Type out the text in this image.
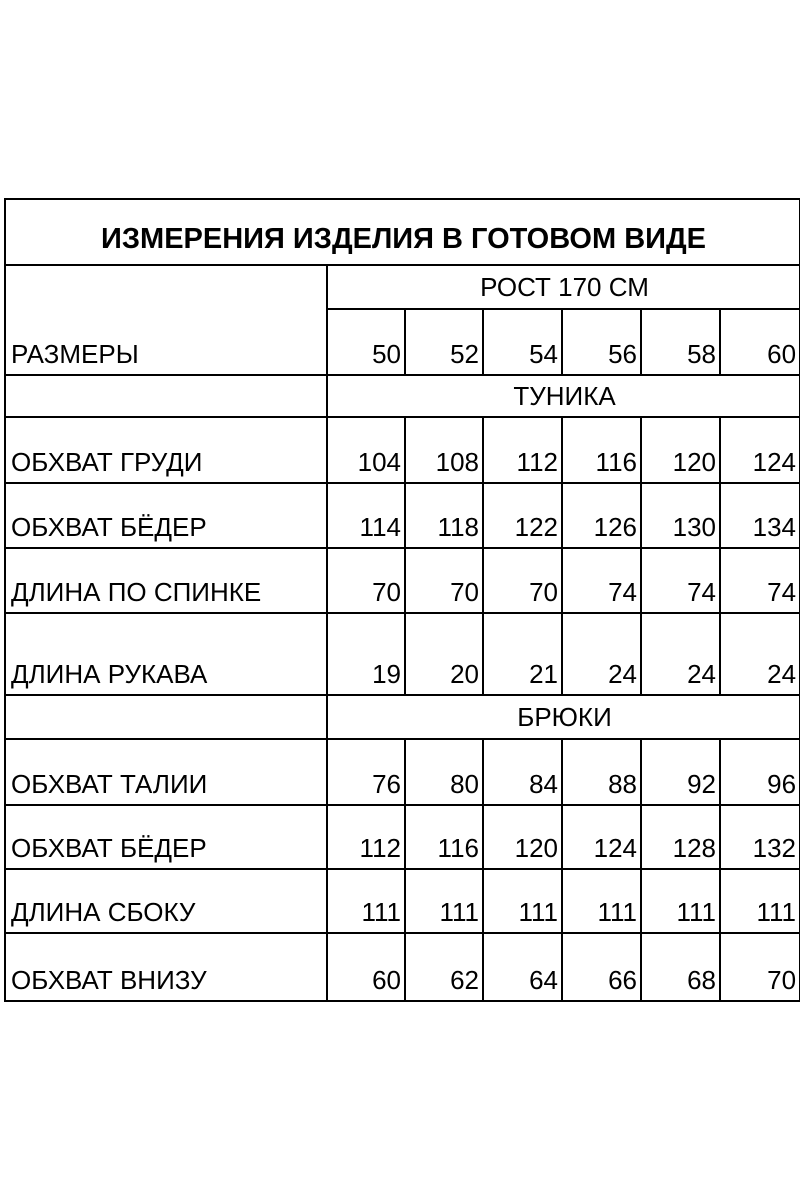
ИЗМЕРЕНИЯ ИЗДЕЛИЯ В ГОТОВОМ ВИДЕ						
РАЗМЕРЫ	РОСТ 170 СМ					
	50	52	54	56	58	60
	ТУНИКА					
ОБХВАТ ГРУДИ	104	108	112	116	120	124
ОБХВАТ БЁДЕР	114	118	122	126	130	134
ДЛИНА ПО СПИНКЕ	70	70	70	74	74	74
ДЛИНА РУКАВА	19	20	21	24	24	24
	БРЮКИ					
ОБХВАТ ТАЛИИ	76	80	84	88	92	96
ОБХВАТ БЁДЕР	112	116	120	124	128	132
ДЛИНА СБОКУ	111	111	111	111	111	111
ОБХВАТ ВНИЗУ	60	62	64	66	68	70
